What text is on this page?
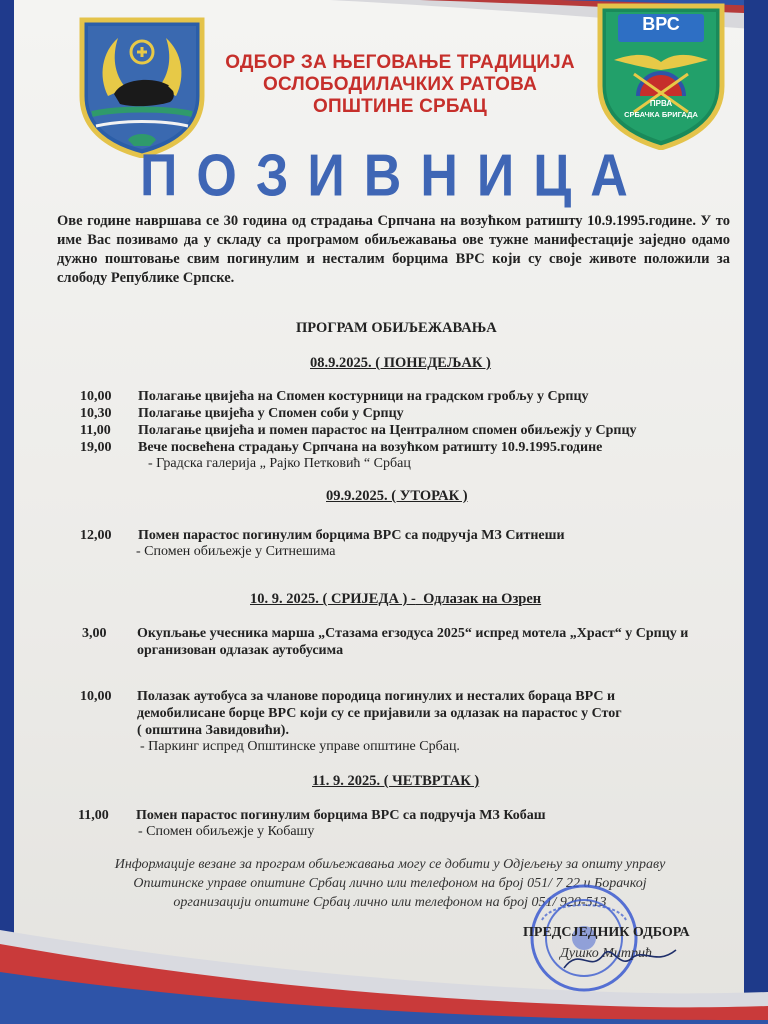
ВРС
ПРВА
СРБАЧКА БРИГАДА
ОДБОР ЗА ЊЕГОВАЊЕ ТРАДИЦИЈА
ОСЛОБОДИЛАЧКИХ РАТОВА
ОПШТИНЕ СРБАЦ
ПОЗИВНИЦА
Ове године навршава се 30 година од страдања Српчана на возућком ратишту 10.9.1995.године. У то име Вас позивамо да у складу са програмом обиљежавања ове тужне манифестације заједно одамо дужно поштовање свим погинулим и несталим борцима ВРС који су своје животе положили за слободу Републике Српске.
ПРОГРАМ ОБИЉЕЖАВАЊА
08.9.2025. ( ПОНЕДЕЉАК )
10,00 Полагање цвијећа на Спомен костурници на градском гробљу у Српцу
10,30 Полагање цвијећа у Спомен соби у Српцу
11,00 Полагање цвијећа и помен парастос на Централном спомен обиљежју у Српцу
19,00 Вече посвећена страдању Српчана на возућком ратишту 10.9.1995.године
- Градска галерија „ Рајко Петковић “ Србац
09.9.2025. ( УТОРАК )
12,00 Помен парастос погинулим борцима ВРС са подручја МЗ Ситнеши
- Спомен обиљежје у Ситнешима
10. 9. 2025. ( СРИЈЕДА ) - Одлазак на Озрен
3,00 Окупљање учесника марша „Стазама егзодуса 2025“ испред мотела „Храст“ у Српцу и
организован одлазак аутобусима
10,00 Полазак аутобуса за чланове породица погинулих и несталих бораца ВРС и
демобилисане борце ВРС који су се пријавили за одлазак на парастос у Стог
( општина Завидовићи).
- Паркинг испред Општинске управе општине Србац.
11. 9. 2025. ( ЧЕТВРТАК )
11,00 Помен парастос погинулим борцима ВРС са подручја МЗ Кобаш
- Спомен обиљежје у Кобашу
Информације везане за програм обиљежавања могу се добити у Одјељењу за општу управу
Општинске управе општине Србац лично или телефоном на број 051/ 7 22 и Борачкој
организацији општине Србац лично или телефоном на број 051/ 920-513
ПРЕДСЈЕДНИК ОДБОРА
Душко Митрић
